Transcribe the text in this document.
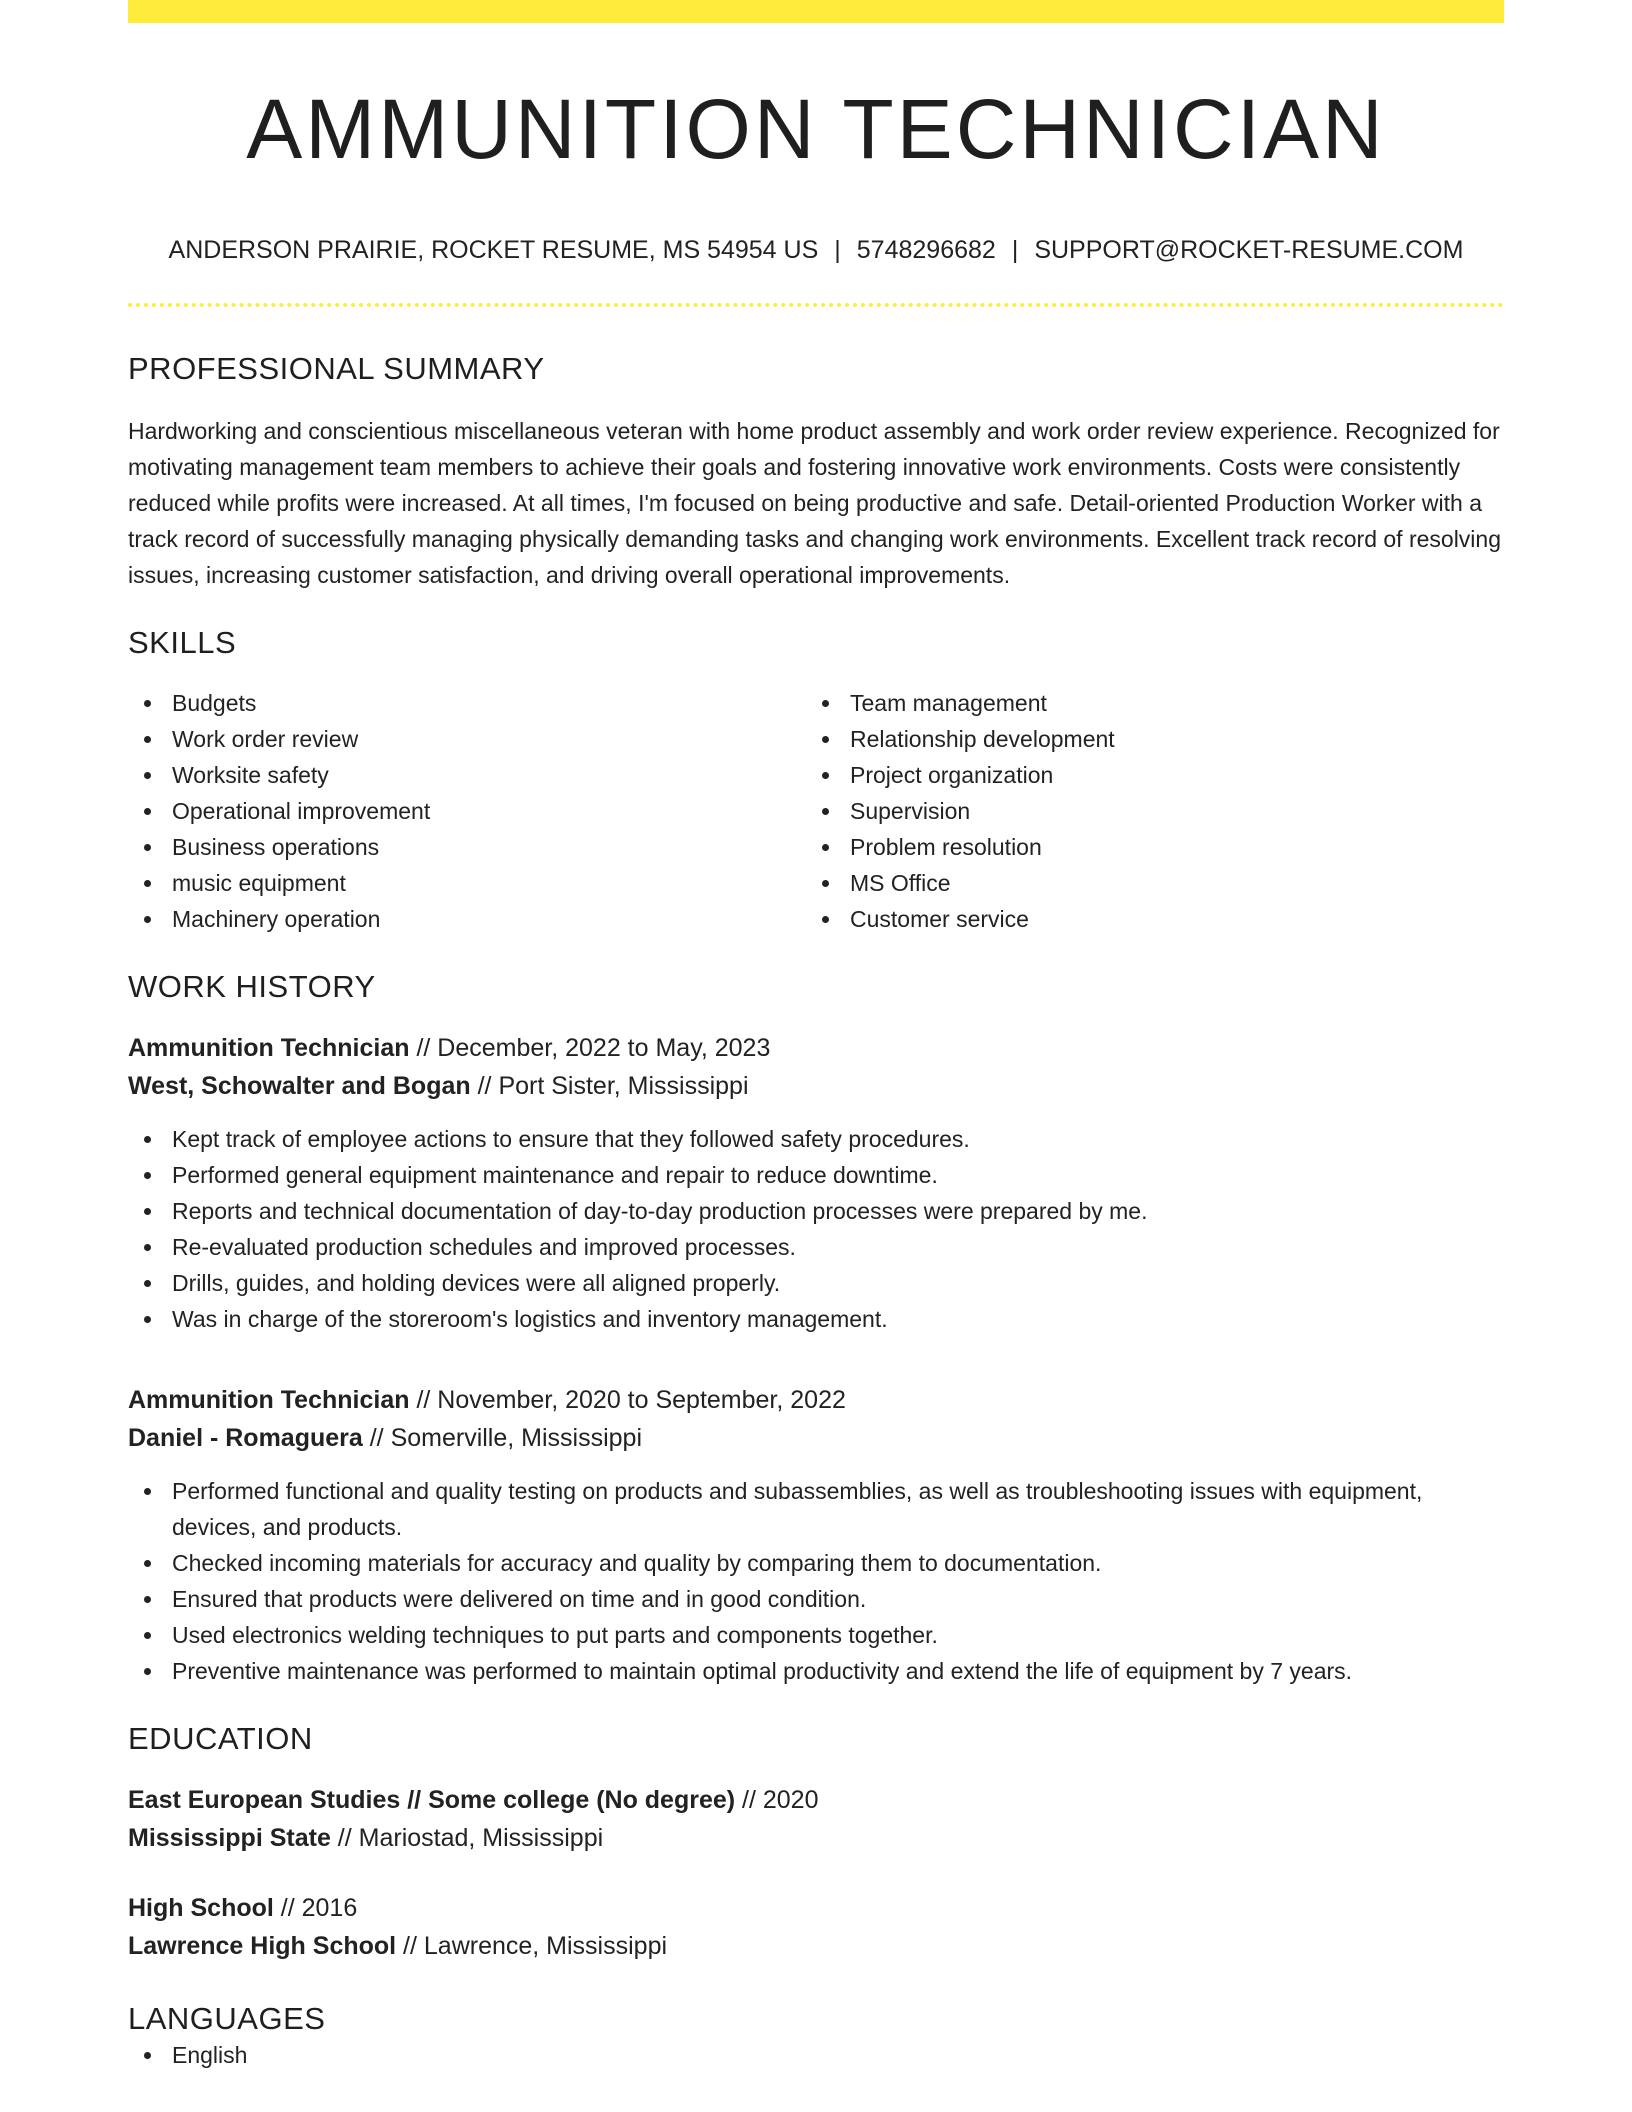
AMMUNITION TECHNICIAN
ANDERSON PRAIRIE, ROCKET RESUME, MS 54954 US | 5748296682 | SUPPORT@ROCKET-RESUME.COM
PROFESSIONAL SUMMARY

Hardworking and conscientious miscellaneous veteran with home product assembly and work order review experience. Recognized for motivating management team members to achieve their goals and fostering innovative work environments. Costs were consistently reduced while profits were increased. At all times, I'm focused on being productive and safe. Detail-oriented Production Worker with a track record of successfully managing physically demanding tasks and changing work environments. Excellent track record of resolving issues, increasing customer satisfaction, and driving overall operational improvements.

SKILLS
Budgets
Work order review
Worksite safety
Operational improvement
Business operations
music equipment
Machinery operation
Team management
Relationship development
Project organization
Supervision
Problem resolution
MS Office
Customer service
WORK HISTORY
Ammunition Technician // December, 2022 to May, 2023
West, Schowalter and Bogan // Port Sister, Mississippi
Kept track of employee actions to ensure that they followed safety procedures.
Performed general equipment maintenance and repair to reduce downtime.
Reports and technical documentation of day-to-day production processes were prepared by me.
Re-evaluated production schedules and improved processes.
Drills, guides, and holding devices were all aligned properly.
Was in charge of the storeroom's logistics and inventory management.
Ammunition Technician // November, 2020 to September, 2022
Daniel - Romaguera // Somerville, Mississippi
Performed functional and quality testing on products and subassemblies, as well as troubleshooting issues with equipment, devices, and products.
Checked incoming materials for accuracy and quality by comparing them to documentation.
Ensured that products were delivered on time and in good condition.
Used electronics welding techniques to put parts and components together.
Preventive maintenance was performed to maintain optimal productivity and extend the life of equipment by 7 years.
EDUCATION
East European Studies // Some college (No degree) // 2020
Mississippi State // Mariostad, Mississippi
High School // 2016
Lawrence High School // Lawrence, Mississippi
LANGUAGES
English
